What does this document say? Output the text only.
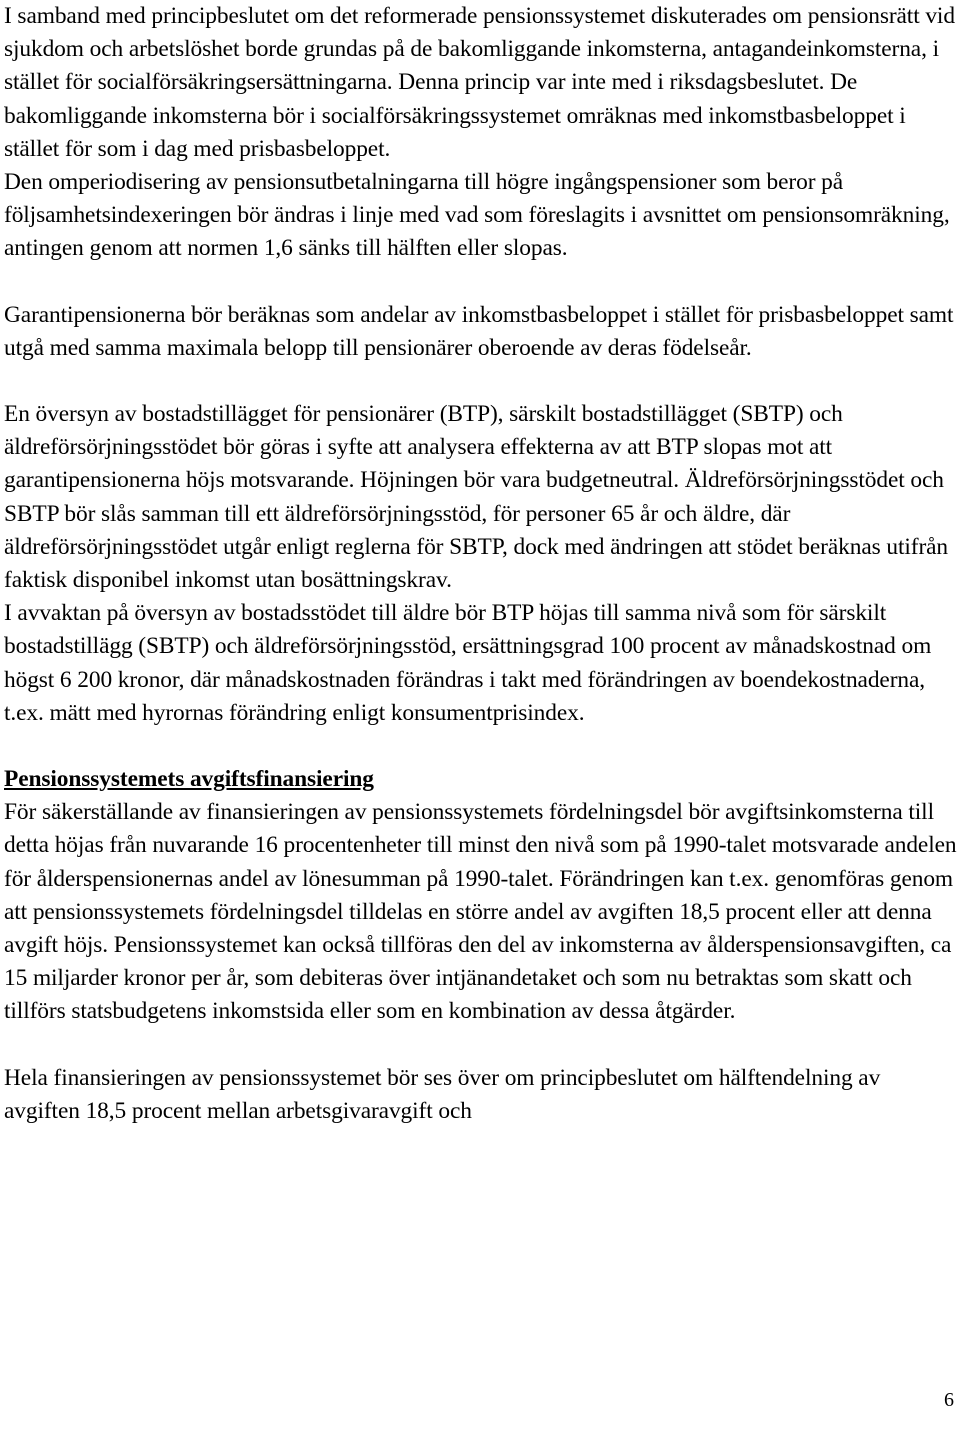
I samband med principbeslutet om det reformerade pensionssystemet diskuterades om pensionsrätt vid sjukdom och arbetslöshet borde grundas på de bakomliggande inkomsterna, antagandeinkomsterna, i stället för socialförsäkringsersättningarna. Denna princip var inte med i riksdagsbeslutet. De bakomliggande inkomsterna bör i socialförsäkringssystemet omräknas med inkomstbasbeloppet i stället för som i dag med prisbasbeloppet.

Den omperiodisering av pensionsutbetalningarna till högre ingångspensioner som beror på följsamhetsindexeringen bör ändras i linje med vad som föreslagits i avsnittet om pensionsomräkning, antingen genom att normen 1,6 sänks till hälften eller slopas.

Garantipensionerna bör beräknas som andelar av inkomstbasbeloppet i stället för prisbasbeloppet samt utgå med samma maximala belopp till pensionärer oberoende av deras födelseår.

En översyn av bostadstillägget för pensionärer (BTP), särskilt bostadstillägget (SBTP) och äldreförsörjningsstödet bör göras i syfte att analysera effekterna av att BTP slopas mot att garantipensionerna höjs motsvarande. Höjningen bör vara budgetneutral. Äldreförsörjningsstödet och SBTP bör slås samman till ett äldreförsörjningsstöd, för personer 65 år och äldre, där äldreförsörjningsstödet utgår enligt reglerna för SBTP, dock med ändringen att stödet beräknas utifrån faktisk disponibel inkomst utan bosättningskrav.

I avvaktan på översyn av bostadsstödet till äldre bör BTP höjas till samma nivå som för särskilt bostadstillägg (SBTP) och äldreförsörjningsstöd, ersättningsgrad 100 procent av månadskostnad om högst 6 200 kronor, där månadskostnaden förändras i takt med förändringen av boendekostnaderna, t.ex. mätt med hyrornas förändring enligt konsumentprisindex.

Pensionssystemets avgiftsfinansiering

För säkerställande av finansieringen av pensionssystemets fördelningsdel bör avgiftsinkomsterna till detta höjas från nuvarande 16 procentenheter till minst den nivå som på 1990-talet motsvarade andelen för ålderspensionernas andel av lönesumman på 1990-talet. Förändringen kan t.ex. genomföras genom att pensionssystemets fördelningsdel tilldelas en större andel av avgiften 18,5 procent eller att denna avgift höjs. Pensionssystemet kan också tillföras den del av inkomsterna av ålderspensionsavgiften, ca 15 miljarder kronor per år, som debiteras över intjänandetaket och som nu betraktas som skatt och tillförs statsbudgetens inkomstsida eller som en kombination av dessa åtgärder.

Hela finansieringen av pensionssystemet bör ses över om principbeslutet om hälftendelning av avgiften 18,5 procent mellan arbetsgivaravgift och

6
